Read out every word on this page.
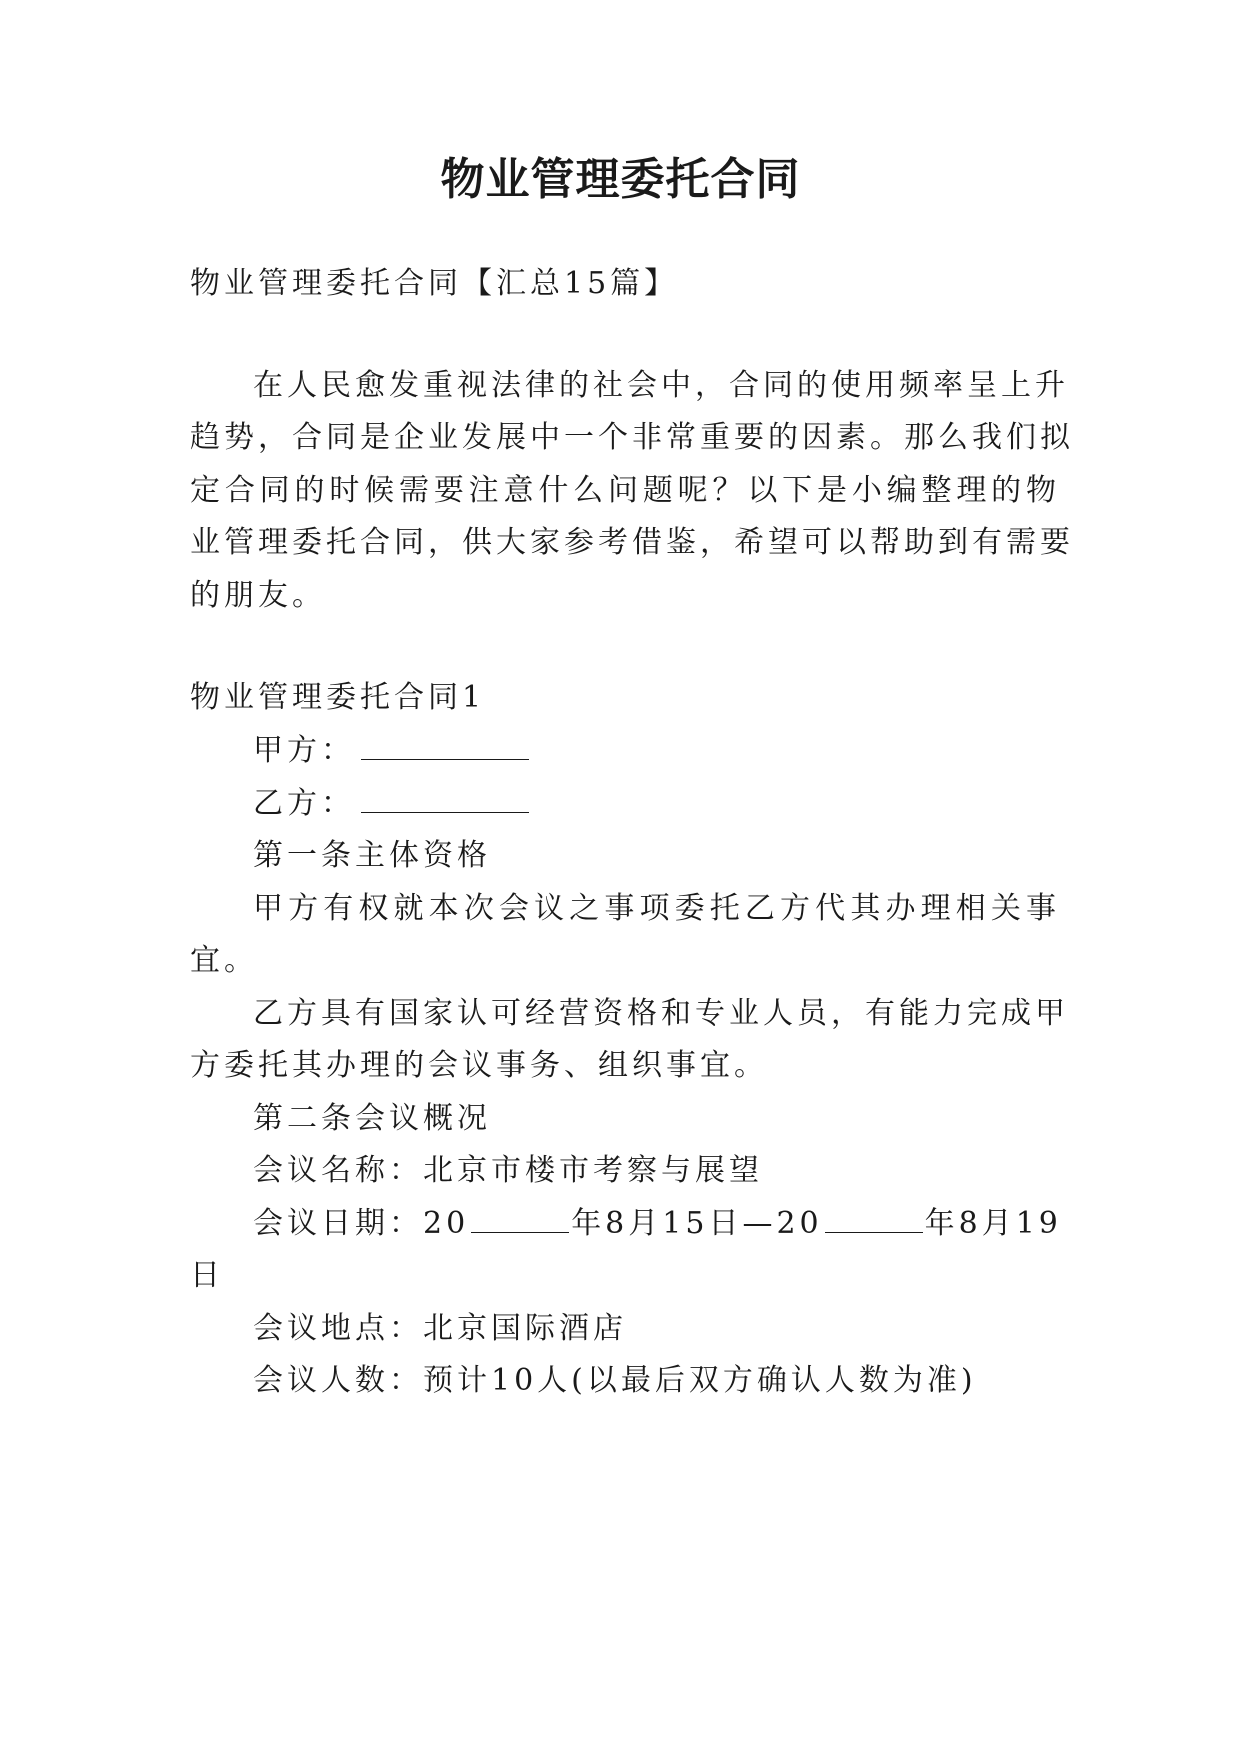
物业管理委托合同

物业管理委托合同【汇总15篇】

在人民愈发重视法律的社会中，合同的使用频率呈上升

趋势，合同是企业发展中一个非常重要的因素。那么我们拟

定合同的时候需要注意什么问题呢？以下是小编整理的物

业管理委托合同，供大家参考借鉴，希望可以帮助到有需要

的朋友。

物业管理委托合同1

甲方：

乙方：

第一条主体资格

甲方有权就本次会议之事项委托乙方代其办理相关事

宜。

乙方具有国家认可经营资格和专业人员，有能力完成甲

方委托其办理的会议事务、组织事宜。

第二条会议概况

会议名称：北京市楼市考察与展望

会议日期：20	年8月15日—20	年8月19

日

会议地点：北京国际酒店

会议人数：预计10人(以最后双方确认人数为准)
